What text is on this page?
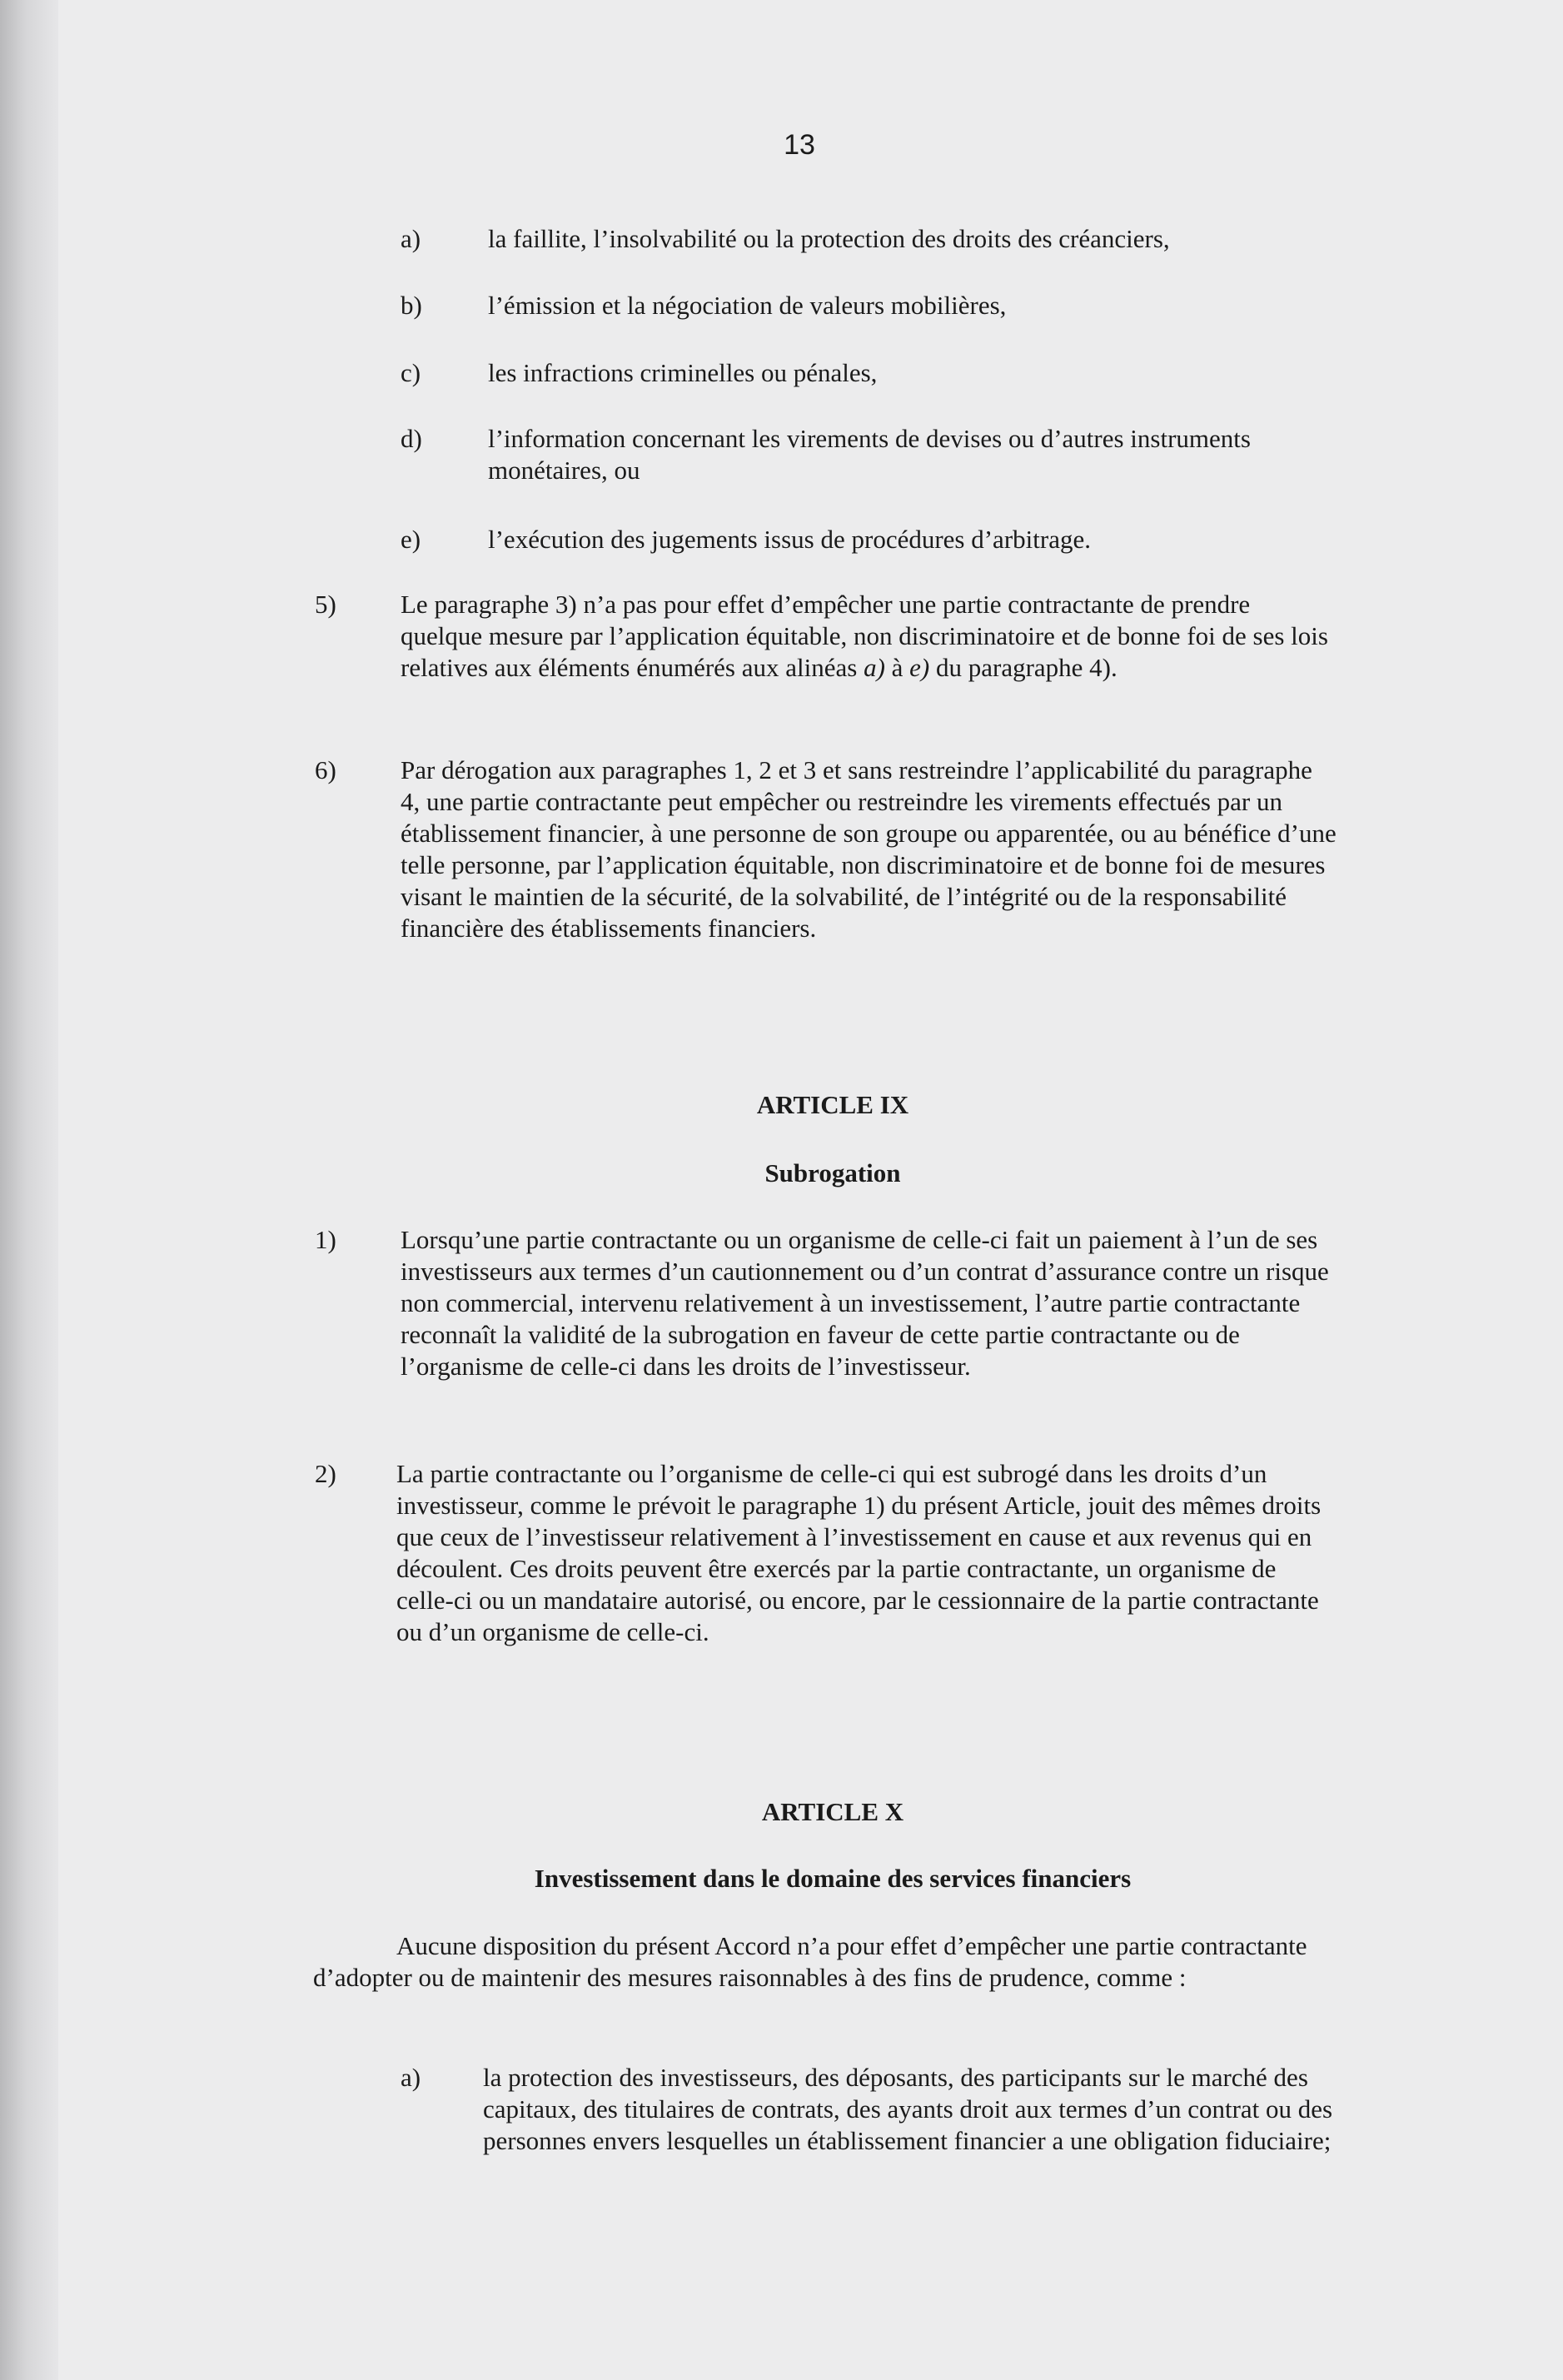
13
a)	la faillite, l’insolvabilité ou la protection des droits des créanciers,
b)	l’émission et la négociation de valeurs mobilières,
c)	les infractions criminelles ou pénales,
d)	l’information concernant les virements de devises ou d’autres instruments monétaires, ou
e)	l’exécution des jugements issus de procédures d’arbitrage.
5) Le paragraphe 3) n’a pas pour effet d’empêcher une partie contractante de prendre quelque mesure par l’application équitable, non discriminatoire et de bonne foi de ses lois relatives aux éléments énumérés aux alinéas a) à e) du paragraphe 4).
6) Par dérogation aux paragraphes 1, 2 et 3 et sans restreindre l’applicabilité du paragraphe 4, une partie contractante peut empêcher ou restreindre les virements effectués par un établissement financier, à une personne de son groupe ou apparentée, ou au bénéfice d’une telle personne, par l’application équitable, non discriminatoire et de bonne foi de mesures visant le maintien de la sécurité, de la solvabilité, de l’intégrité ou de la responsabilité financière des établissements financiers.
ARTICLE IX
Subrogation
1) Lorsqu’une partie contractante ou un organisme de celle-ci fait un paiement à l’un de ses investisseurs aux termes d’un cautionnement ou d’un contrat d’assurance contre un risque non commercial, intervenu relativement à un investissement, l’autre partie contractante reconnaît la validité de la subrogation en faveur de cette partie contractante ou de l’organisme de celle-ci dans les droits de l’investisseur.
2) La partie contractante ou l’organisme de celle-ci qui est subrogé dans les droits d’un investisseur, comme le prévoit le paragraphe 1) du présent Article, jouit des mêmes droits que ceux de l’investisseur relativement à l’investissement en cause et aux revenus qui en découlent. Ces droits peuvent être exercés par la partie contractante, un organisme de celle-ci ou un mandataire autorisé, ou encore, par le cessionnaire de la partie contractante ou d’un organisme de celle-ci.
ARTICLE X
Investissement dans le domaine des services financiers
Aucune disposition du présent Accord n’a pour effet d’empêcher une partie contractante d’adopter ou de maintenir des mesures raisonnables à des fins de prudence, comme :
a) la protection des investisseurs, des déposants, des participants sur le marché des capitaux, des titulaires de contrats, des ayants droit aux termes d’un contrat ou des personnes envers lesquelles un établissement financier a une obligation fiduciaire;
